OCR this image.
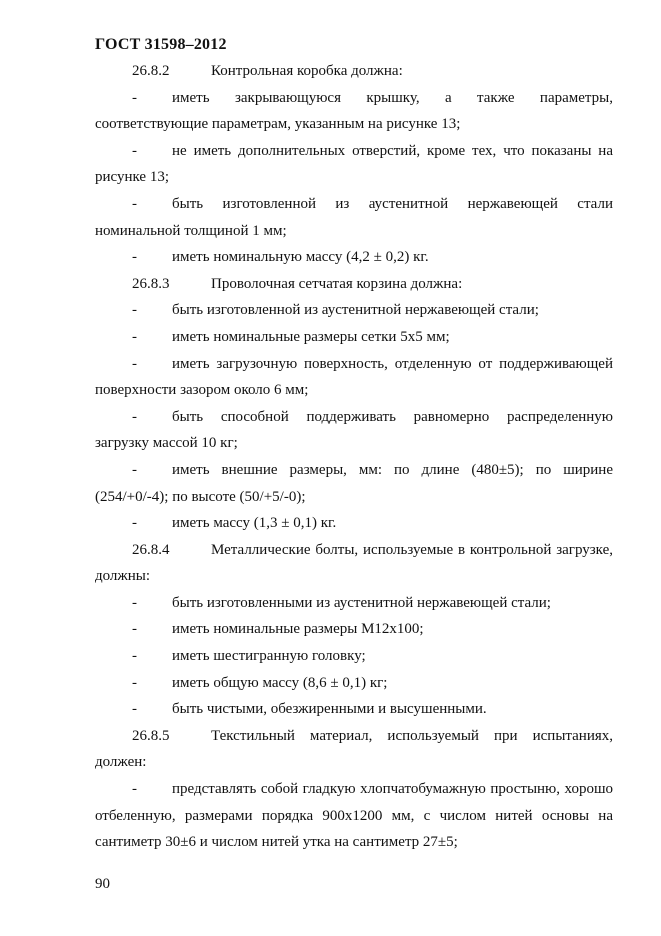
ГОСТ 31598–2012

26.8.2	Контрольная коробка должна:

- иметь закрывающуюся крышку, а также параметры, соответствующие параметрам, указанным на рисунке 13;

- не иметь дополнительных отверстий, кроме тех, что показаны на рисунке 13;

- быть изготовленной из аустенитной нержавеющей стали номинальной толщиной 1 мм;

- иметь номинальную массу (4,2 ± 0,2) кг.

26.8.3	Проволочная сетчатая корзина должна:

- быть изготовленной из аустенитной нержавеющей стали;

- иметь номинальные размеры сетки 5х5 мм;

- иметь загрузочную поверхность, отделенную от поддерживающей поверхности зазором около 6 мм;

- быть способной поддерживать равномерно распределенную загрузку массой 10 кг;

- иметь внешние размеры, мм: по длине (480±5); по ширине (254/+0/-4); по высоте (50/+5/-0);

- иметь массу (1,3 ± 0,1) кг.

26.8.4	Металлические болты, используемые в контрольной загрузке, должны:

- быть изготовленными из аустенитной нержавеющей стали;

- иметь номинальные размеры М12х100;

- иметь шестигранную головку;

- иметь общую массу (8,6 ± 0,1) кг;

- быть чистыми, обезжиренными и высушенными.

26.8.5	Текстильный материал, используемый при испытаниях, должен:

- представлять собой гладкую хлопчатобумажную простыню, хорошо отбеленную, размерами порядка 900х1200 мм, с числом нитей основы на сантиметр 30±6 и числом нитей утка на сантиметр 27±5;

90
